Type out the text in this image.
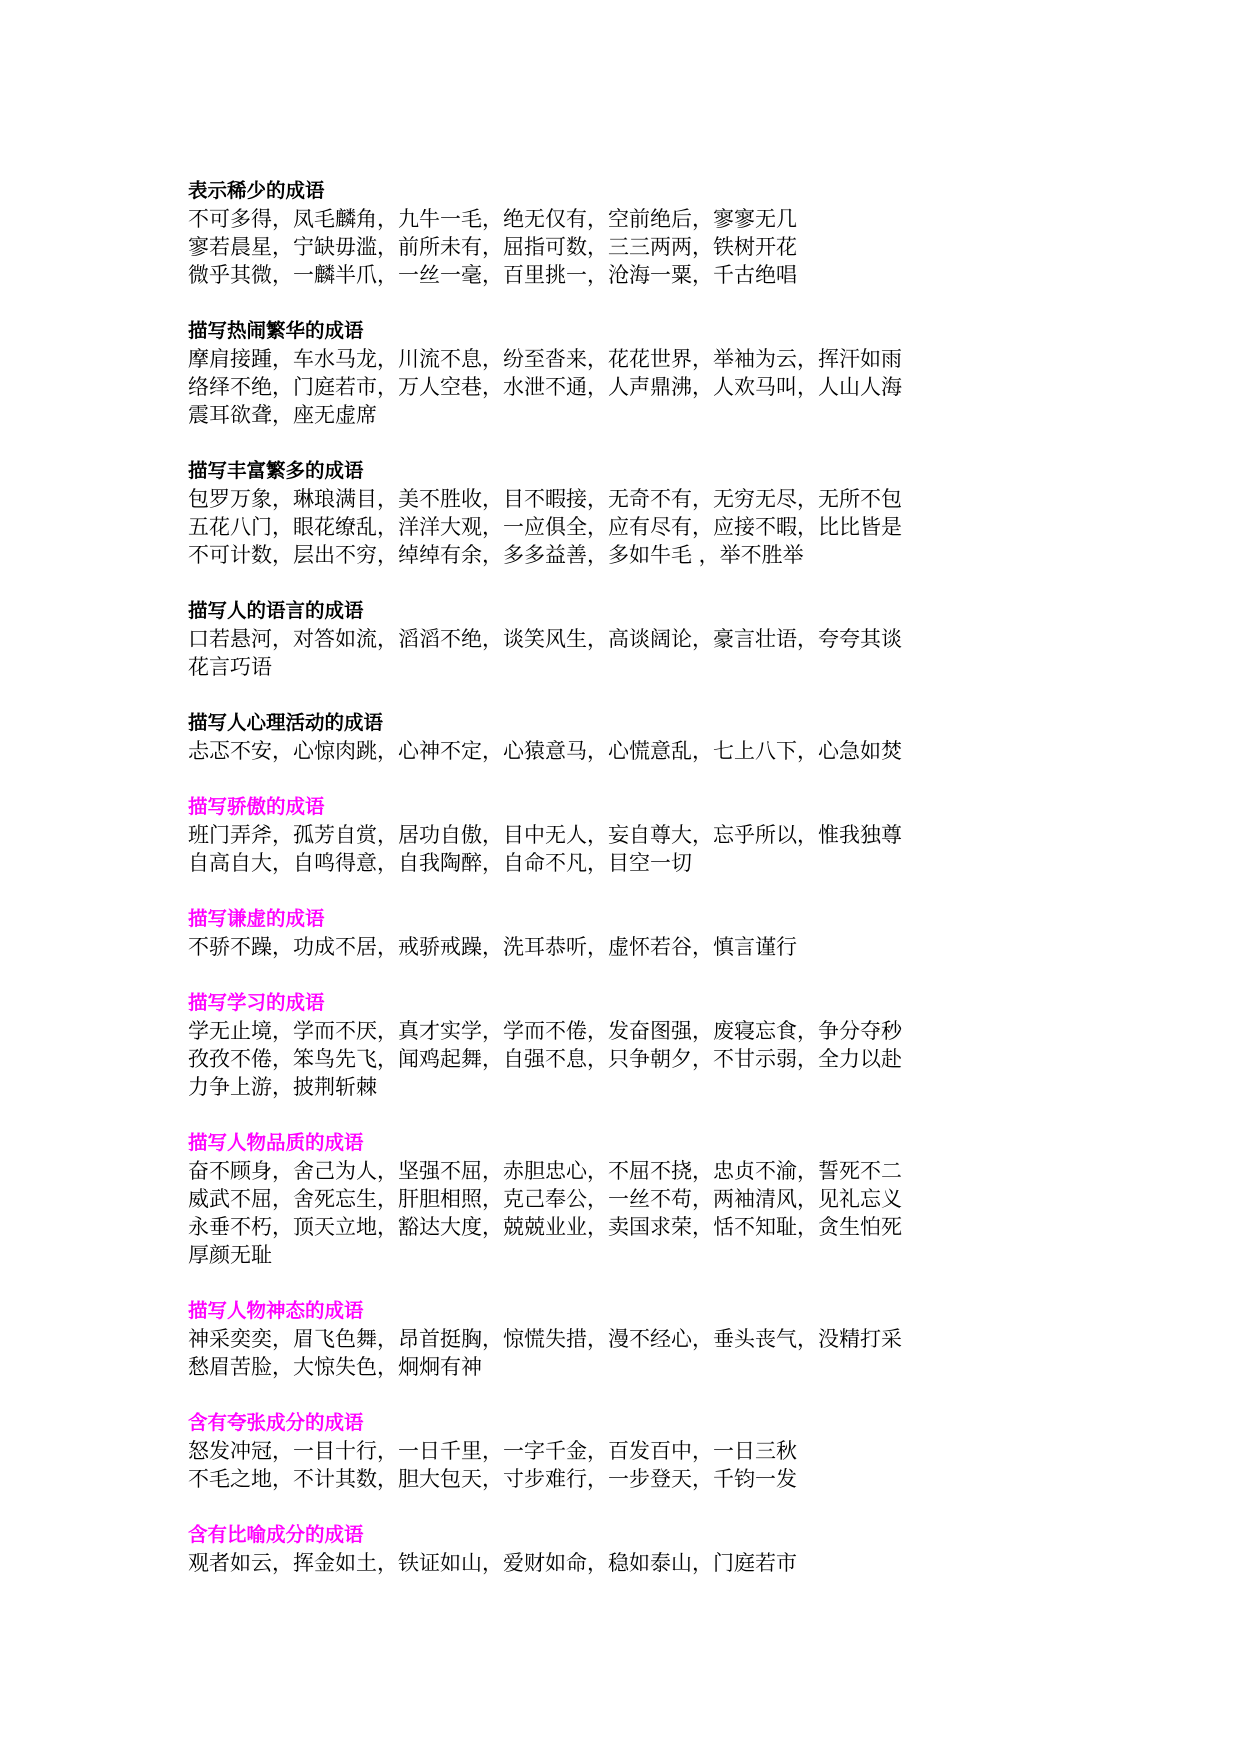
表示稀少的成语
不可多得，凤毛麟角，九牛一毛，绝无仅有，空前绝后，寥寥无几
寥若晨星，宁缺毋滥，前所未有，屈指可数，三三两两，铁树开花
微乎其微，一麟半爪，一丝一毫，百里挑一，沧海一粟，千古绝唱
描写热闹繁华的成语
摩肩接踵，车水马龙，川流不息，纷至沓来，花花世界，举袖为云，挥汗如雨
络绎不绝，门庭若市，万人空巷，水泄不通，人声鼎沸，人欢马叫，人山人海
震耳欲聋，座无虚席
描写丰富繁多的成语
包罗万象，琳琅满目，美不胜收，目不暇接，无奇不有，无穷无尽，无所不包
五花八门，眼花缭乱，洋洋大观，一应俱全，应有尽有，应接不暇，比比皆是
不可计数，层出不穷，绰绰有余，多多益善，多如牛毛 ，举不胜举
描写人的语言的成语
口若悬河，对答如流，滔滔不绝，谈笑风生，高谈阔论，豪言壮语，夸夸其谈
花言巧语
描写人心理活动的成语
忐忑不安，心惊肉跳，心神不定，心猿意马，心慌意乱，七上八下，心急如焚
描写骄傲的成语
班门弄斧，孤芳自赏，居功自傲，目中无人，妄自尊大，忘乎所以，惟我独尊
自高自大，自鸣得意，自我陶醉，自命不凡，目空一切
描写谦虚的成语
不骄不躁，功成不居，戒骄戒躁，洗耳恭听，虚怀若谷，慎言谨行
描写学习的成语
学无止境，学而不厌，真才实学，学而不倦，发奋图强，废寝忘食，争分夺秒
孜孜不倦，笨鸟先飞，闻鸡起舞，自强不息，只争朝夕，不甘示弱，全力以赴
力争上游，披荆斩棘
描写人物品质的成语
奋不顾身，舍己为人，坚强不屈，赤胆忠心，不屈不挠，忠贞不渝，誓死不二
威武不屈，舍死忘生，肝胆相照，克己奉公，一丝不苟，两袖清风，见礼忘义
永垂不朽，顶天立地，豁达大度，兢兢业业，卖国求荣，恬不知耻，贪生怕死
厚颜无耻
描写人物神态的成语
神采奕奕，眉飞色舞，昂首挺胸，惊慌失措，漫不经心，垂头丧气，没精打采
愁眉苦脸，大惊失色，炯炯有神
含有夸张成分的成语
怒发冲冠，一目十行，一日千里，一字千金，百发百中，一日三秋
不毛之地，不计其数，胆大包天，寸步难行，一步登天，千钧一发
含有比喻成分的成语
观者如云，挥金如土，铁证如山，爱财如命，稳如泰山，门庭若市
